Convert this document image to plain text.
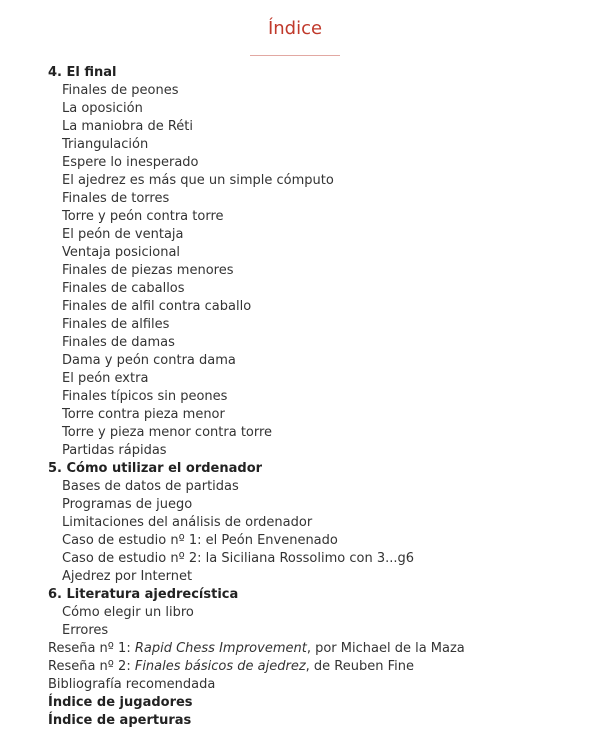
Índice
4. El final
Finales de peones
La oposición
La maniobra de Réti
Triangulación
Espere lo inesperado
El ajedrez es más que un simple cómputo
Finales de torres
Torre y peón contra torre
El peón de ventaja
Ventaja posicional
Finales de piezas menores
Finales de caballos
Finales de alfil contra caballo
Finales de alfiles
Finales de damas
Dama y peón contra dama
El peón extra
Finales típicos sin peones
Torre contra pieza menor
Torre y pieza menor contra torre
Partidas rápidas
5. Cómo utilizar el ordenador
Bases de datos de partidas
Programas de juego
Limitaciones del análisis de ordenador
Caso de estudio nº 1: el Peón Envenenado
Caso de estudio nº 2: la Siciliana Rossolimo con 3...g6
Ajedrez por Internet
6. Literatura ajedrecística
Cómo elegir un libro
Errores
Reseña nº 1: Rapid Chess Improvement, por Michael de la Maza
Reseña nº 2: Finales básicos de ajedrez, de Reuben Fine
Bibliografía recomendada
Índice de jugadores
Índice de aperturas
